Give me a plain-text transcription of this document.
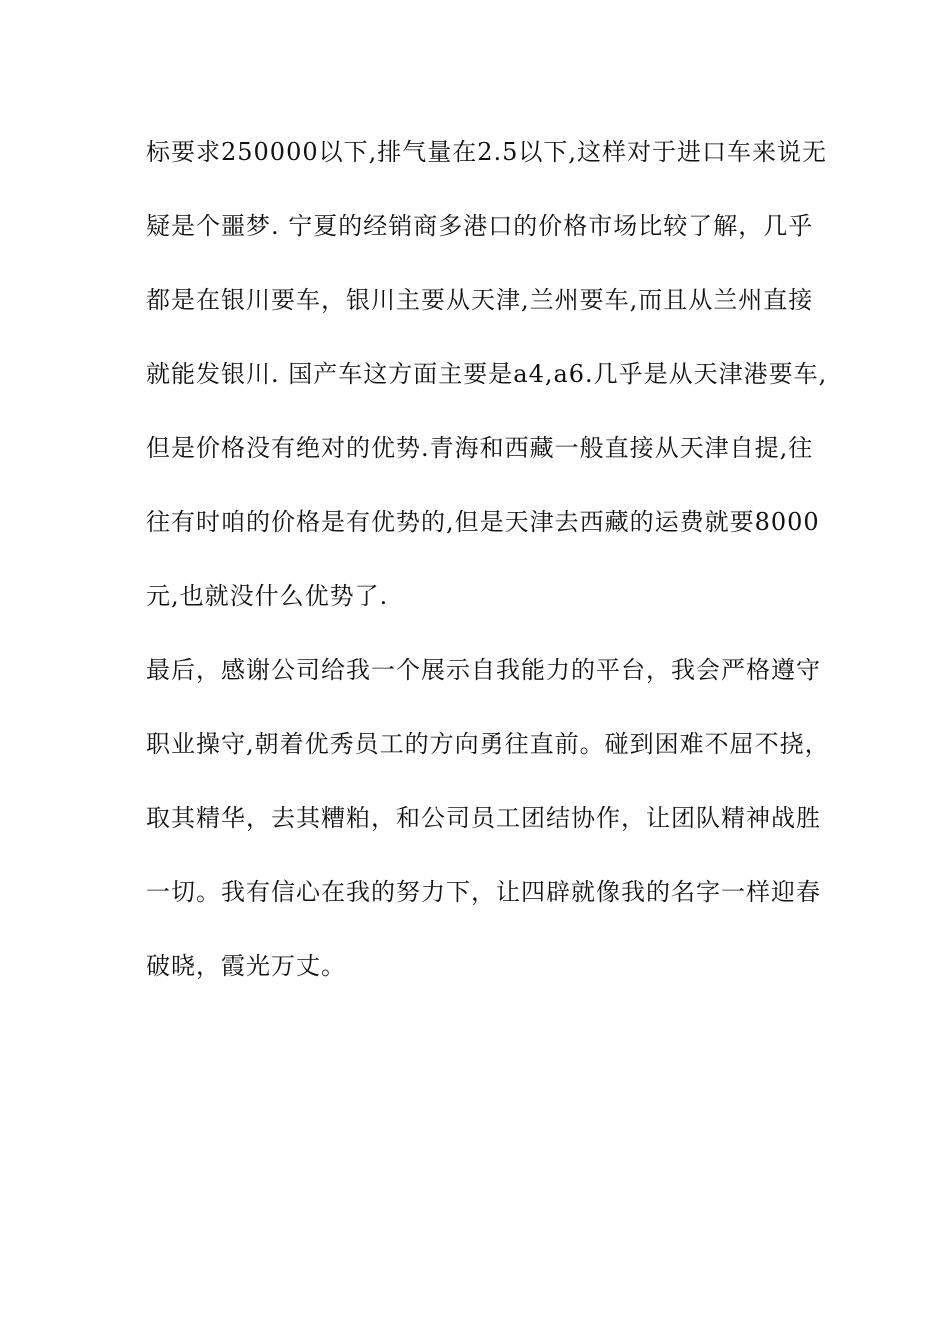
标要求250000以下,排气量在2.5以下,这样对于进口车来说无
疑是个噩梦. 宁夏的经销商多港口的价格市场比较了解，几乎
都是在银川要车，银川主要从天津,兰州要车,而且从兰州直接
就能发银川. 国产车这方面主要是a4,a6.几乎是从天津港要车,
但是价格没有绝对的优势.青海和西藏一般直接从天津自提,往
往有时咱的价格是有优势的,但是天津去西藏的运费就要8000
元,也就没什么优势了.
最后，感谢公司给我一个展示自我能力的平台，我会严格遵守
职业操守,朝着优秀员工的方向勇往直前。碰到困难不屈不挠，
取其精华，去其糟粕，和公司员工团结协作，让团队精神战胜
一切。我有信心在我的努力下，让四辟就像我的名字一样迎春
破晓，霞光万丈。
